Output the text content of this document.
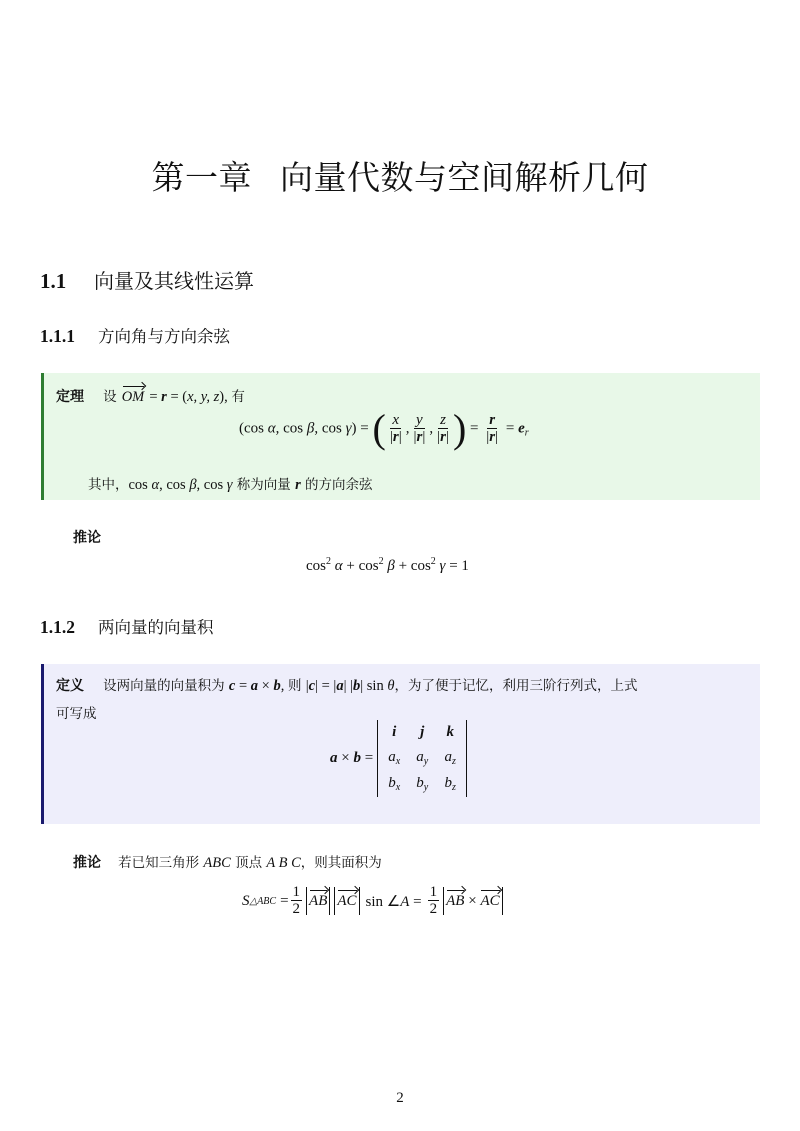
第一章 向量代数与空间解析几何
1.1 向量及其线性运算
1.1.1 方向角与方向余弦
定理 设 OM = r = (x, y, z), 有
(cos α, cos β, cos γ) = ( $\frac{x}{|r|}$ , $\frac{y}{|r|}$ , $\frac{z}{|r|}$ ) = $\frac{r}{|r|} = e_r$
其中，cos α, cos β, cos γ 称为向量 r 的方向余弦
推论
$\cos^2 \alpha + \cos^2 \beta + \cos^2 \gamma = 1$
1.1.2 两向量的向量积
定义 设两向量的向量积为 c = a × b, 则 |c| = |a| |b| sin θ，为了便于记忆，利用三阶行列式，上式
可写成
a × b =
i	j	k
$a_x$	$a_y$	$a_z$
$b_x$	$b_y$	$b_z$
推论 若已知三角形 ABC 顶点 A B C，则其面积为
S △ABC = $\frac{1}{2}$ AB AC sin ∠A = $\frac{1}{2}$ AB × AC
2
